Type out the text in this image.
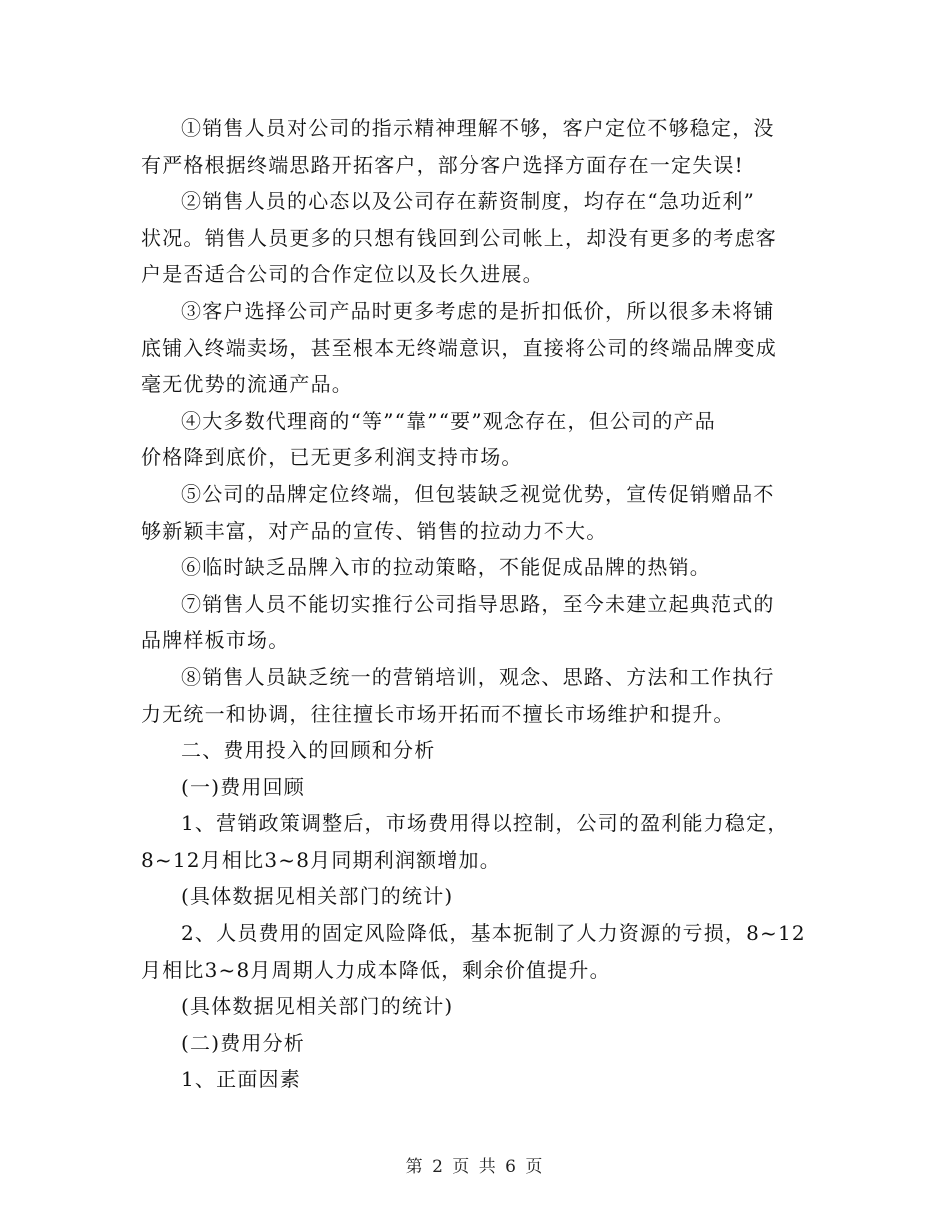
①销售人员对公司的指示精神理解不够，客户定位不够稳定，没
有严格根据终端思路开拓客户，部分客户选择方面存在一定失误!

②销售人员的心态以及公司存在薪资制度，均存在“急功近利”
状况。销售人员更多的只想有钱回到公司帐上，却没有更多的考虑客
户是否适合公司的合作定位以及长久进展。

③客户选择公司产品时更多考虑的是折扣低价，所以很多未将铺
底铺入终端卖场，甚至根本无终端意识，直接将公司的终端品牌变成
毫无优势的流通产品。

④大多数代理商的“等”“靠”“要”观念存在，但公司的产品
价格降到底价，已无更多利润支持市场。

⑤公司的品牌定位终端，但包装缺乏视觉优势，宣传促销赠品不
够新颖丰富，对产品的宣传、销售的拉动力不大。

⑥临时缺乏品牌入市的拉动策略，不能促成品牌的热销。

⑦销售人员不能切实推行公司指导思路，至今未建立起典范式的
品牌样板市场。

⑧销售人员缺乏统一的营销培训，观念、思路、方法和工作执行
力无统一和协调，往往擅长市场开拓而不擅长市场维护和提升。

二、费用投入的回顾和分析

(一)费用回顾

1、营销政策调整后，市场费用得以控制，公司的盈利能力稳定，
8~12月相比3~8月同期利润额增加。

(具体数据见相关部门的统计)

2、人员费用的固定风险降低，基本扼制了人力资源的亏损，8~12
月相比3~8月周期人力成本降低，剩余价值提升。

(具体数据见相关部门的统计)

(二)费用分析

1、正面因素

第 2 页 共 6 页
